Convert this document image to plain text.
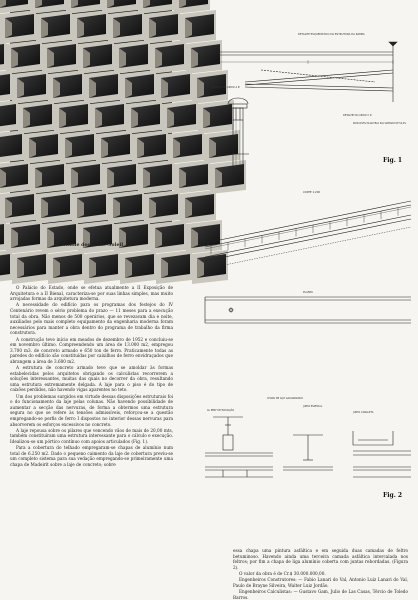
Detalhe dos Brise-Soleil
DETALHE ESQUEMÁTICO DA ESTRUTURA DA RAMPA
DETALHE DO APOIO A B
DETALHE DO APOIO C D
IRON LEVEL PILAR PELO RAU ARMADO DE 50,4%
Fig. 1
CORTE 1:200
PLANTA
AL PERF DE ELEVAÇÃO
CHAPA DE AÇO GALVANIZADO
JUNTA ESPECIAL
JUNTA CANALETA
Fig. 2

O Palácio do Estado, onde se efetua atualmente a II Exposição de Arquitetura e a II Bienal, caracteriza-se por suas linhas simples, mas muito arrojadas formas da arquitetura moderna.

A necessidade do edifício para os programas dos festejos do IV Centenário revem o sério problema do prazo — 11 meses para a execução total da obra. Não menos de 500 operários, que se revezavam dia e noite, auxiliados pelo mais completo equipamento da engenharia moderna foram necessários para manter a obra dentro do programa de trabalho da firma construtora.

A construção teve início em meados de dezembro de 1952 e concluiu-se em novembro último. Compreendendo um área de 13.000 m2, empregou 3.700 m3. de concreto armado e 650 ton de ferro. Praticamente todas as paredes do edifício são constituídas por caixilhos de ferro envidraçados que abrangem a área de 3.600 m2.

A estrutura de concreto armado teve que se amoldar às formas estabelecidas pelos arquitetos obrigando os calculistas recorrerem a soluções interessantes, muitas das quais no decorrer da obra, resultando uma estrutura extremamente delgada. A laje para o piso é do tipo de caixões perdidos, não havendo vigas aparentes no teto.

Um dos problemas surgidos em virtude dessas disposições estruturais foi o do funcionamento da laje pelas colunas. Não havendo possibilidade de aumentar a secção das nervuras, de forma a obtermos uma estrutura segura no que se refere às tensões admissíveis, reforçou-se a questão empregando-se perfis de ferro I dispostos no interior dessas nervuras para absorverem os esforços excessivos no concreto.

A laje repousa sobre os pilares que vencendo vãos de mais de 20,00 mts, também constituíram uma estrutura interessante para o cálculo e execução. Idealizou-se um pórtico contínuo com apoios articulados (Fig. 1).

Para a cobertura do telhado empregaram-se chapas de alumínio num total de 6.250 m2. Dado o pequeno caimento da laje de cobertura previu-se um completo sistema para sua vedação empregando-se primeiramente uma chapa de Madeirit sobre a laje de concreto; sobre

essa chapa uma pintura asfáltica e em seguida duas camadas de feltro betuminoso. Havendo ainda uma terceira camada asfáltica intercalada nos feltros; por fim a chapa de liga alumínio coberta com juntas rebordadas. (Figura 2).

O valor da obra é de Cr.$ 30.000.000,00.

Engenheiros Construtores: — Fabio Lanari do Val, Antonio Luiz Lanari do Val, Paulo de Brayne Silveira, Walter Luiz Jordão.

Engenheiros Calculistas: — Gustavo Gam, Julio de Las Casas, Tércio de Toledo Barros.
